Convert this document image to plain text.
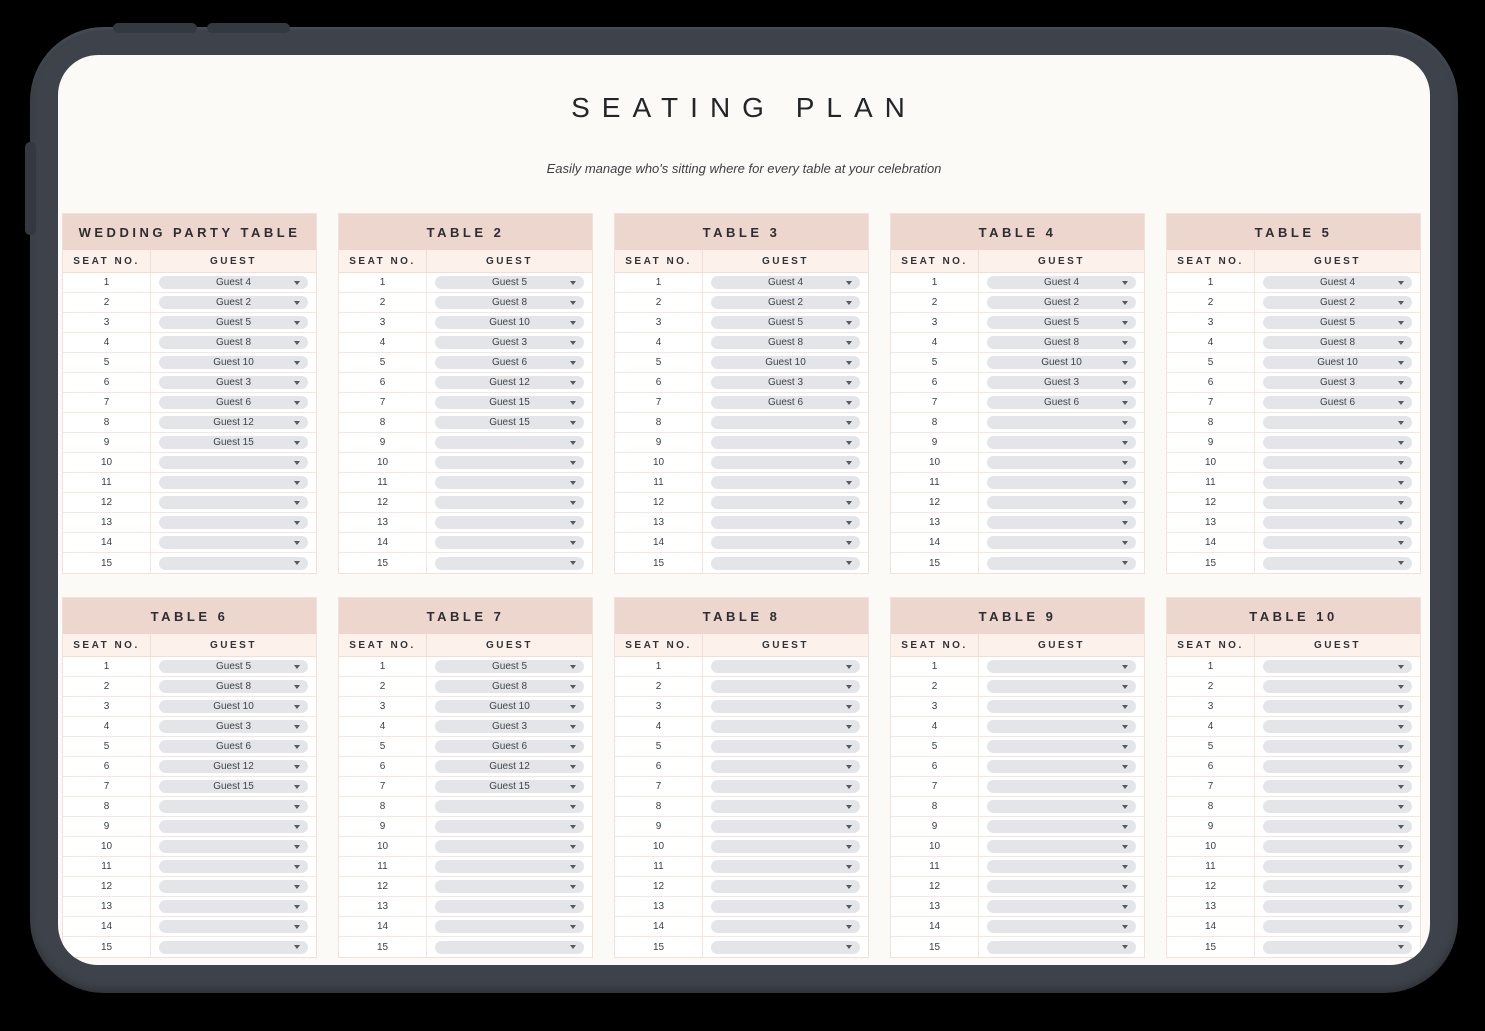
SEATING PLAN
Easily manage who's sitting where for every table at your celebration
WEDDING PARTY TABLE
SEAT NO.	GUEST
1	Guest 4
2	Guest 2
3	Guest 5
4	Guest 8
5	Guest 10
6	Guest 3
7	Guest 6
8	Guest 12
9	Guest 15
10
11
12
13
14
15
TABLE 2
SEAT NO.	GUEST
1	Guest 5
2	Guest 8
3	Guest 10
4	Guest 3
5	Guest 6
6	Guest 12
7	Guest 15
8	Guest 15
9
10
11
12
13
14
15
TABLE 3
SEAT NO.	GUEST
1	Guest 4
2	Guest 2
3	Guest 5
4	Guest 8
5	Guest 10
6	Guest 3
7	Guest 6
8
9
10
11
12
13
14
15
TABLE 4
SEAT NO.	GUEST
1	Guest 4
2	Guest 2
3	Guest 5
4	Guest 8
5	Guest 10
6	Guest 3
7	Guest 6
8
9
10
11
12
13
14
15
TABLE 5
SEAT NO.	GUEST
1	Guest 4
2	Guest 2
3	Guest 5
4	Guest 8
5	Guest 10
6	Guest 3
7	Guest 6
8
9
10
11
12
13
14
15
TABLE 6
SEAT NO.	GUEST
1	Guest 5
2	Guest 8
3	Guest 10
4	Guest 3
5	Guest 6
6	Guest 12
7	Guest 15
8
9
10
11
12
13
14
15
TABLE 7
SEAT NO.	GUEST
1	Guest 5
2	Guest 8
3	Guest 10
4	Guest 3
5	Guest 6
6	Guest 12
7	Guest 15
8
9
10
11
12
13
14
15
TABLE 8
SEAT NO.	GUEST
1
2
3
4
5
6
7
8
9
10
11
12
13
14
15
TABLE 9
SEAT NO.	GUEST
1
2
3
4
5
6
7
8
9
10
11
12
13
14
15
TABLE 10
SEAT NO.	GUEST
1
2
3
4
5
6
7
8
9
10
11
12
13
14
15
